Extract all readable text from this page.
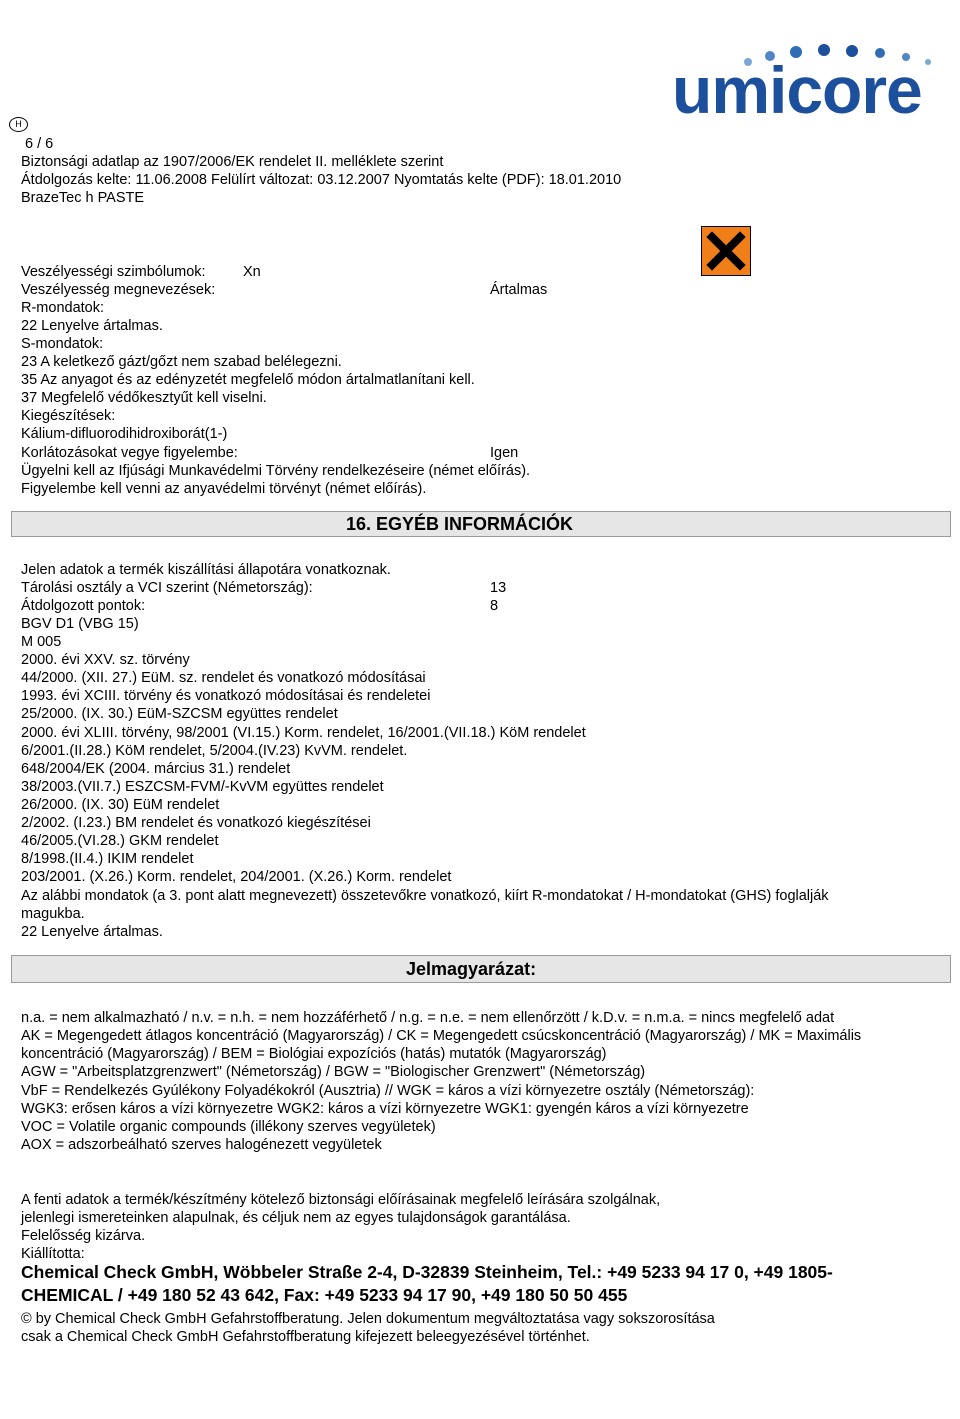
umicore
H
6 / 6
Biztonsági adatlap az 1907/2006/EK rendelet II. melléklete szerint
Átdolgozás kelte: 11.06.2008 Felülírt változat: 03.12.2007 Nyomtatás kelte (PDF): 18.01.2010
BrazeTec h PASTE
Veszélyességi szimbólumok:	Xn
Veszélyesség megnevezések:	Ártalmas
R-mondatok:
22 Lenyelve ártalmas.
S-mondatok:
23 A keletkező gázt/gőzt nem szabad belélegezni.
35 Az anyagot és az edényzetét megfelelő módon ártalmatlanítani kell.
37 Megfelelő védőkesztyűt kell viselni.
Kiegészítések:
Kálium-difluorodihidroxiborát(1-)
Korlátozásokat vegye figyelembe:	Igen
Ügyelni kell az Ifjúsági Munkavédelmi Törvény rendelkezéseire (német előírás).
Figyelembe kell venni az anyavédelmi törvényt (német előírás).
16. EGYÉB INFORMÁCIÓK
Jelen adatok a termék kiszállítási állapotára vonatkoznak.
Tárolási osztály a VCI szerint (Németország):	13
Átdolgozott pontok:	8
BGV D1 (VBG 15)
M 005
2000. évi XXV. sz. törvény
44/2000. (XII. 27.) EüM. sz. rendelet és vonatkozó módosításai
1993. évi XCIII. törvény és vonatkozó módosításai és rendeletei
25/2000. (IX. 30.) EüM-SZCSM együttes rendelet
2000. évi XLIII. törvény, 98/2001 (VI.15.) Korm. rendelet, 16/2001.(VII.18.) KöM rendelet
6/2001.(II.28.) KöM rendelet, 5/2004.(IV.23) KvVM. rendelet.
648/2004/EK (2004. március 31.) rendelet
38/2003.(VII.7.) ESZCSM-FVM/-KvVM együttes rendelet
26/2000. (IX. 30) EüM rendelet
2/2002. (I.23.) BM rendelet és vonatkozó kiegészítései
46/2005.(VI.28.) GKM rendelet
8/1998.(II.4.) IKIM rendelet
203/2001. (X.26.) Korm. rendelet, 204/2001. (X.26.) Korm. rendelet
Az alábbi mondatok (a 3. pont alatt megnevezett) összetevőkre vonatkozó, kiírt R-mondatokat / H-mondatokat (GHS) foglalják
magukba.
22 Lenyelve ártalmas.
Jelmagyarázat:
n.a. = nem alkalmazható / n.v. = n.h. = nem hozzáférhető / n.g. = n.e. = nem ellenőrzött / k.D.v. = n.m.a. = nincs megfelelő adat
AK = Megengedett átlagos koncentráció (Magyarország) / CK = Megengedett csúcskoncentráció (Magyarország) / MK = Maximális
koncentráció (Magyarország) / BEM = Biológiai expozíciós (hatás) mutatók (Magyarország)
AGW = "Arbeitsplatzgrenzwert" (Németország) / BGW = "Biologischer Grenzwert" (Németország)
VbF = Rendelkezés Gyúlékony Folyadékokról (Ausztria) // WGK = káros a vízi környezetre osztály (Németország):
WGK3: erősen káros a vízi környezetre WGK2: káros a vízi környezetre WGK1: gyengén káros a vízi környezetre
VOC = Volatile organic compounds (illékony szerves vegyületek)
AOX = adszorbeálható szerves halogénezett vegyületek
A fenti adatok a termék/készítmény kötelező biztonsági előírásainak megfelelő leírására szolgálnak,
jelenlegi ismereteinken alapulnak, és céljuk nem az egyes tulajdonságok garantálása.
Felelősség kizárva.
Kiállította:
Chemical Check GmbH, Wöbbeler Straße 2-4, D-32839 Steinheim, Tel.: +49 5233 94 17 0, +49 1805-
CHEMICAL / +49 180 52 43 642, Fax: +49 5233 94 17 90, +49 180 50 50 455
© by Chemical Check GmbH Gefahrstoffberatung. Jelen dokumentum megváltoztatása vagy sokszorosítása
csak a Chemical Check GmbH Gefahrstoffberatung kifejezett beleegyezésével történhet.
